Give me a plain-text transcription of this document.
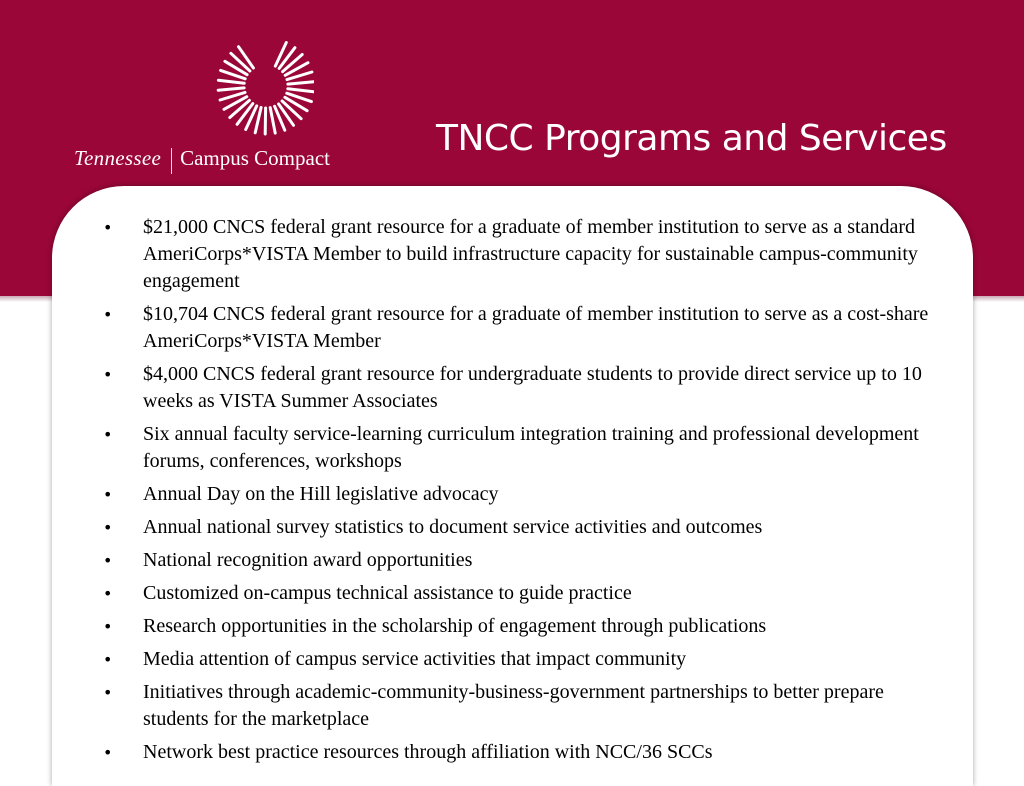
Tennessee Campus Compact	TNCC Programs and Services
• $21,000 CNCS federal grant resource for a graduate of member institution to serve as a standard AmeriCorps*VISTA Member to build infrastructure capacity for sustainable campus-community engagement
• $10,704 CNCS federal grant resource for a graduate of member institution to serve as a cost-share AmeriCorps*VISTA Member
• $4,000 CNCS federal grant resource for undergraduate students to provide direct service up to 10 weeks as VISTA Summer Associates
• Six annual faculty service-learning curriculum integration training and professional development forums, conferences, workshops
• Annual Day on the Hill legislative advocacy
• Annual national survey statistics to document service activities and outcomes
• National recognition award opportunities
• Customized on-campus technical assistance to guide practice
• Research opportunities in the scholarship of engagement through publications
• Media attention of campus service activities that impact community
• Initiatives through academic-community-business-government partnerships to better prepare students for the marketplace
• Network best practice resources through affiliation with NCC/36 SCCs
